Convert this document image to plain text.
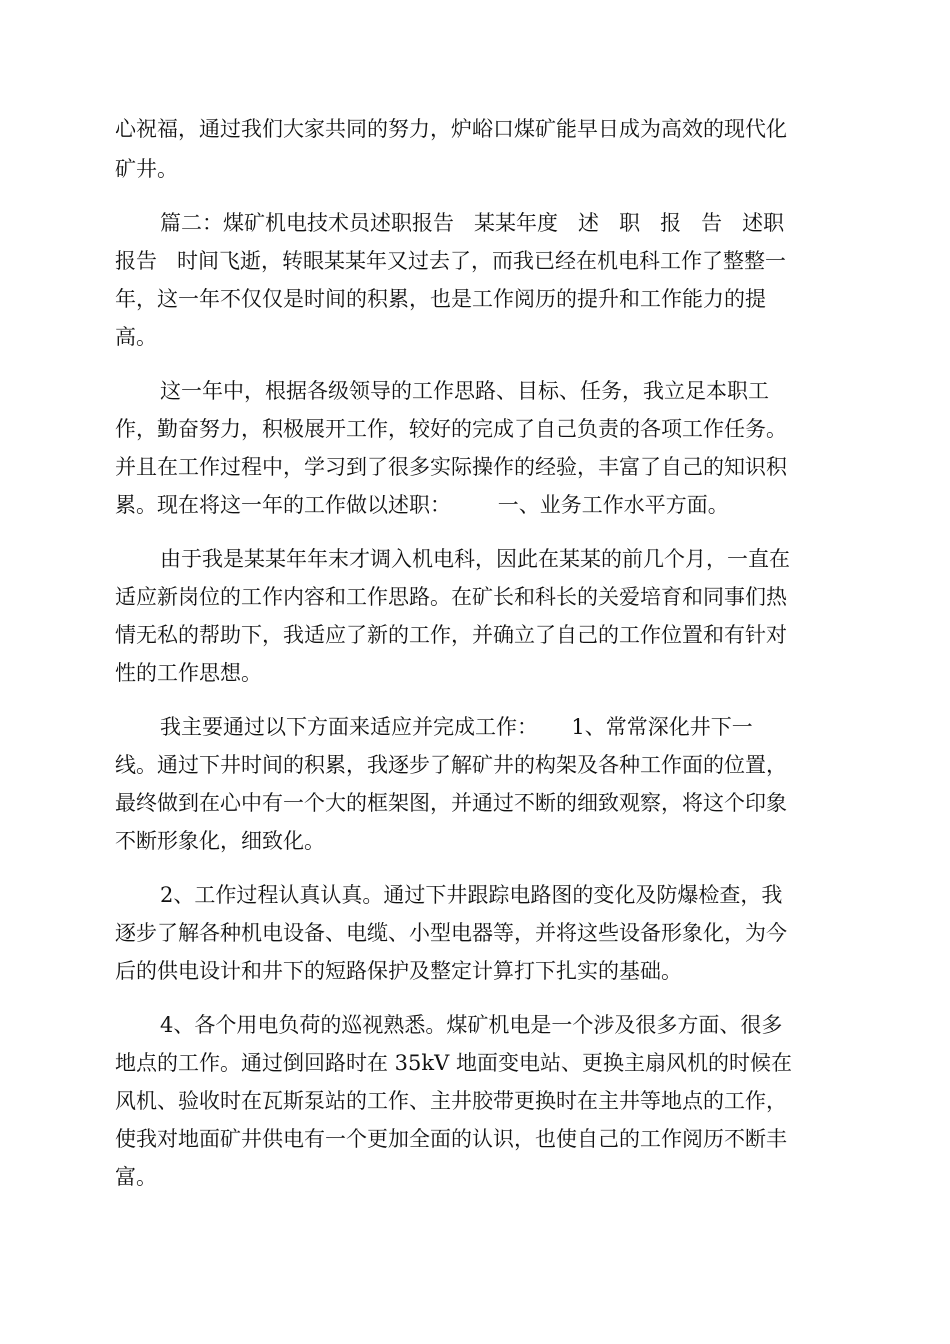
心祝福，通过我们大家共同的努力，炉峪口煤矿能早日成为高效的现代化
矿井。
篇二：煤矿机电技术员述职报告   某某年度   述   职   报   告   述职
报告   时间飞逝，转眼某某年又过去了，而我已经在机电科工作了整整一
年，这一年不仅仅是时间的积累，也是工作阅历的提升和工作能力的提
高。
这一年中，根据各级领导的工作思路、目标、任务，我立足本职工
作，勤奋努力，积极展开工作，较好的完成了自己负责的各项工作任务。
并且在工作过程中，学习到了很多实际操作的经验，丰富了自己的知识积
累。现在将这一年的工作做以述职：       一、业务工作水平方面。
由于我是某某年年末才调入机电科，因此在某某的前几个月，一直在
适应新岗位的工作内容和工作思路。在矿长和科长的关爱培育和同事们热
情无私的帮助下，我适应了新的工作，并确立了自己的工作位置和有针对
性的工作思想。
我主要通过以下方面来适应并完成工作：     1、常常深化井下一
线。通过下井时间的积累，我逐步了解矿井的构架及各种工作面的位置，
最终做到在心中有一个大的框架图，并通过不断的细致观察，将这个印象
不断形象化，细致化。
2、工作过程认真认真。通过下井跟踪电路图的变化及防爆检查，我
逐步了解各种机电设备、电缆、小型电器等，并将这些设备形象化，为今
后的供电设计和井下的短路保护及整定计算打下扎实的基础。
4、各个用电负荷的巡视熟悉。煤矿机电是一个涉及很多方面、很多
地点的工作。通过倒回路时在 35kV 地面变电站、更换主扇风机的时候在
风机、验收时在瓦斯泵站的工作、主井胶带更换时在主井等地点的工作，
使我对地面矿井供电有一个更加全面的认识，也使自己的工作阅历不断丰
富。
